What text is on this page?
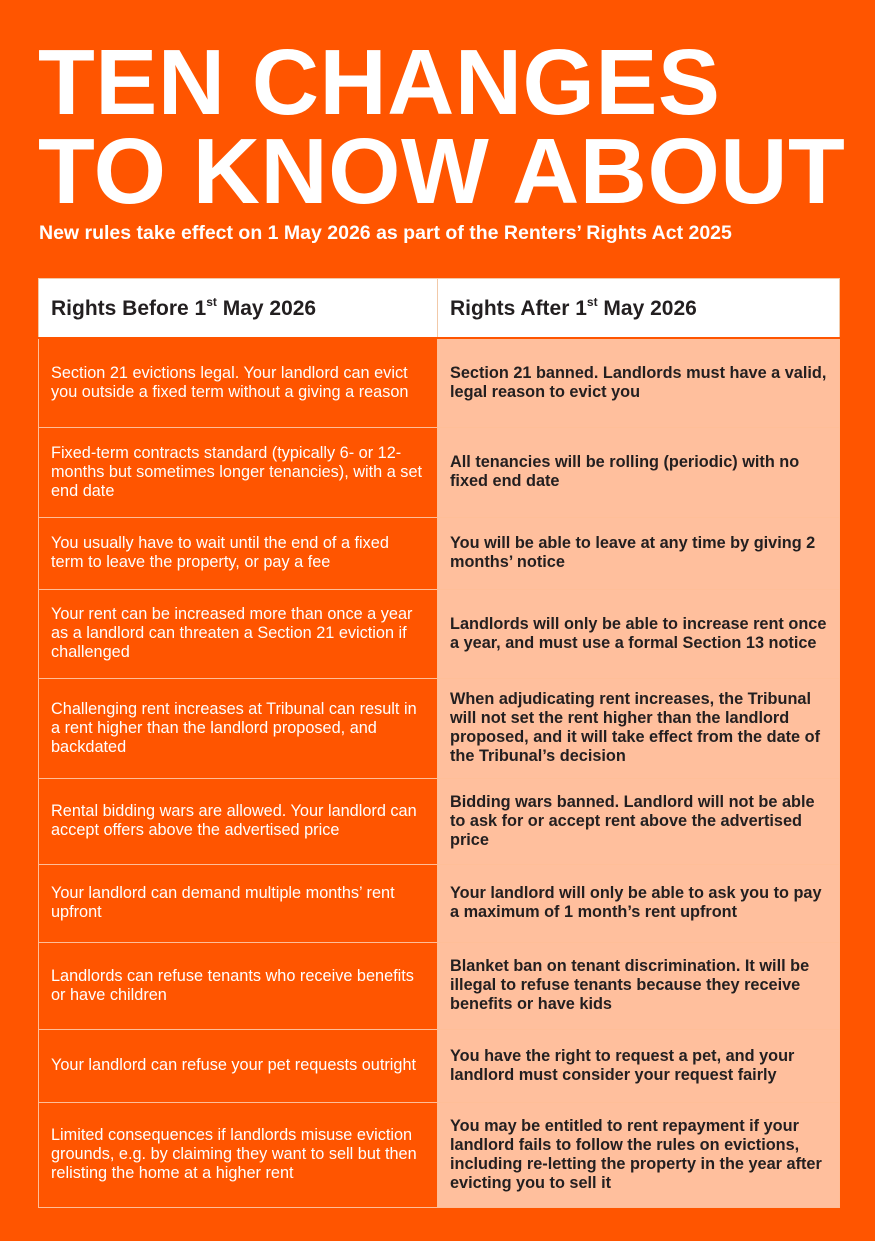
TEN CHANGES
TO KNOW ABOUT

New rules take effect on 1 May 2026 as part of the Renters’ Rights Act 2025

Rights Before 1st May 2026	Rights After 1st May 2026
Section 21 evictions legal. Your landlord can evict you outside a fixed term without a giving a reason	Section 21 banned. Landlords must have a valid, legal reason to evict you
Fixed-term contracts standard (typically 6- or 12-months but sometimes longer tenancies), with a set end date	All tenancies will be rolling (periodic) with no fixed end date
You usually have to wait until the end of a fixed term to leave the property, or pay a fee	You will be able to leave at any time by giving 2 months’ notice
Your rent can be increased more than once a year as a landlord can threaten a Section 21 eviction if challenged	Landlords will only be able to increase rent once a year, and must use a formal Section 13 notice
Challenging rent increases at Tribunal can result in a rent higher than the landlord proposed, and backdated	When adjudicating rent increases, the Tribunal will not set the rent higher than the landlord proposed, and it will take effect from the date of the Tribunal’s decision
Rental bidding wars are allowed. Your landlord can accept offers above the advertised price	Bidding wars banned. Landlord will not be able to ask for or accept rent above the advertised price
Your landlord can demand multiple months’ rent upfront	Your landlord will only be able to ask you to pay a maximum of 1 month’s rent upfront
Landlords can refuse tenants who receive benefits or have children	Blanket ban on tenant discrimination. It will be illegal to refuse tenants because they receive benefits or have kids
Your landlord can refuse your pet requests outright	You have the right to request a pet, and your landlord must consider your request fairly
Limited consequences if landlords misuse eviction grounds, e.g. by claiming they want to sell but then relisting the home at a higher rent	You may be entitled to rent repayment if your landlord fails to follow the rules on evictions, including re-letting the property in the year after evicting you to sell it
